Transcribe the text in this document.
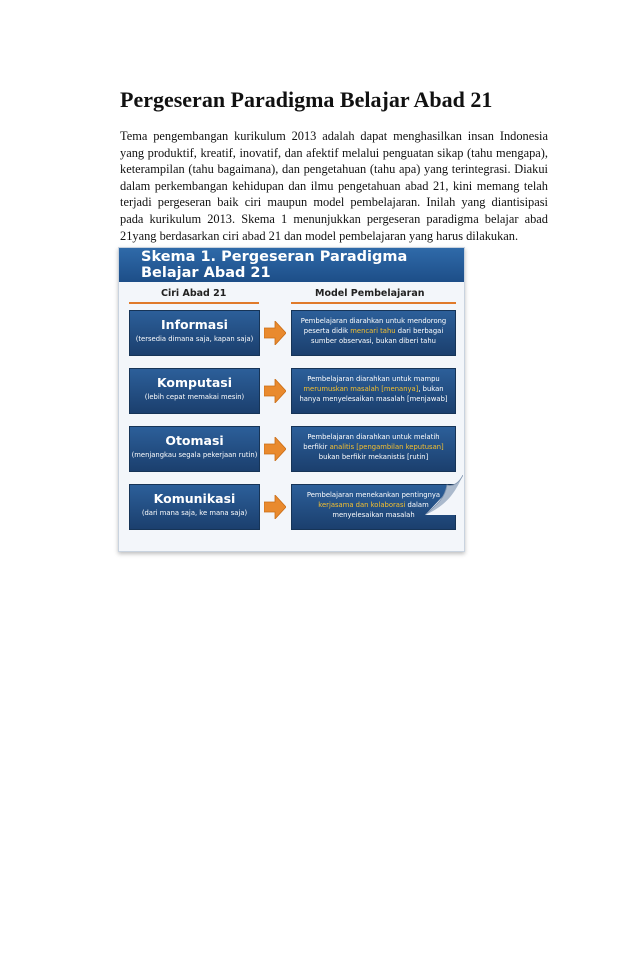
Pergeseran Paradigma Belajar Abad 21
Tema pengembangan kurikulum 2013 adalah dapat menghasilkan insan Indonesia
yang produktif, kreatif, inovatif, dan afektif melalui penguatan sikap (tahu mengapa),
keterampilan (tahu bagaimana), dan pengetahuan (tahu apa) yang terintegrasi. Diakui
dalam perkembangan kehidupan dan ilmu pengetahuan abad 21, kini memang telah
terjadi pergeseran baik ciri maupun model pembelajaran. Inilah yang diantisipasi
pada kurikulum 2013. Skema 1 menunjukkan pergeseran paradigma belajar abad
21yang berdasarkan ciri abad 21 dan model pembelajaran yang harus dilakukan.
Skema 1. Pergeseran Paradigma Belajar Abad 21
Ciri Abad 21	Model Pembelajaran
Informasi
(tersedia dimana saja, kapan saja)
Pembelajaran diarahkan untuk mendorong
peserta didik mencari tahu dari berbagai
sumber observasi, bukan diberi tahu
Komputasi
(lebih cepat memakai mesin)
Pembelajaran diarahkan untuk mampu
merumuskan masalah [menanya], bukan
hanya menyelesaikan masalah [menjawab]
Otomasi
(menjangkau segala pekerjaan rutin)
Pembelajaran diarahkan untuk melatih
berfikir analitis [pengambilan keputusan]
bukan berfikir mekanistis [rutin]
Komunikasi
(dari mana saja, ke mana saja)
Pembelajaran menekankan pentingnya
kerjasama dan kolaborasi dalam
menyelesaikan masalah
